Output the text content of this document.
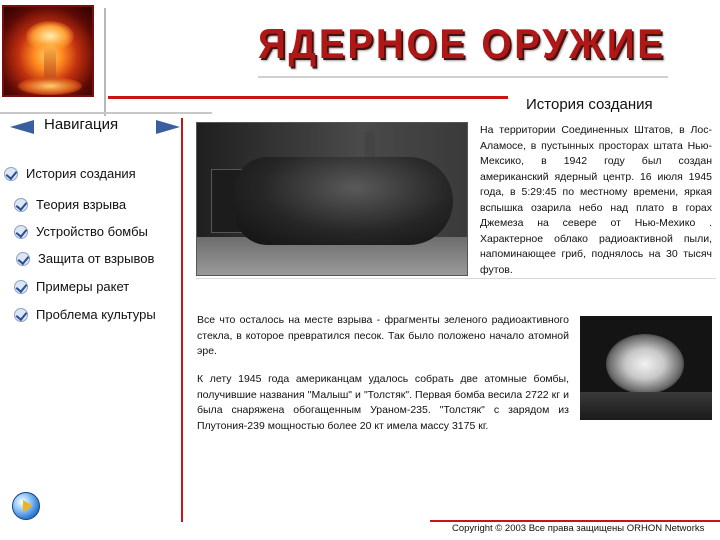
ЯДЕРНОЕ ОРУЖИЕ
История создания
Навигация
История создания
Теория взрыва
Устройство бомбы
Защита от взрывов
Примеры ракет
Проблема культуры
На территории Соединенных Штатов, в Лос-Аламосе, в пустынных просторах штата Нью-Мексико, в 1942 году был создан американский ядерный центр. 16 июля 1945 года, в 5:29:45 по местному времени, яркая вспышка озарила небо над плато в горах Джемеза на севере от Нью-Мехико . Характерное облако радиоактивной пыли, напоминающее гриб, поднялось на 30 тысяч футов.
Все что осталось на месте взрыва - фрагменты зеленого радиоактивного стекла, в которое превратился песок. Так было положено начало атомной эре.
К лету 1945 года американцам удалось собрать две атомные бомбы, получившие названия "Малыш" и "Толстяк". Первая бомба весила 2722 кг и была снаряжена обогащенным Ураном-235. "Толстяк" с зарядом из Плутония-239 мощностью более 20 кт имела массу 3175 кг.
Copyright © 2003 Все права защищены ORHON Networks
